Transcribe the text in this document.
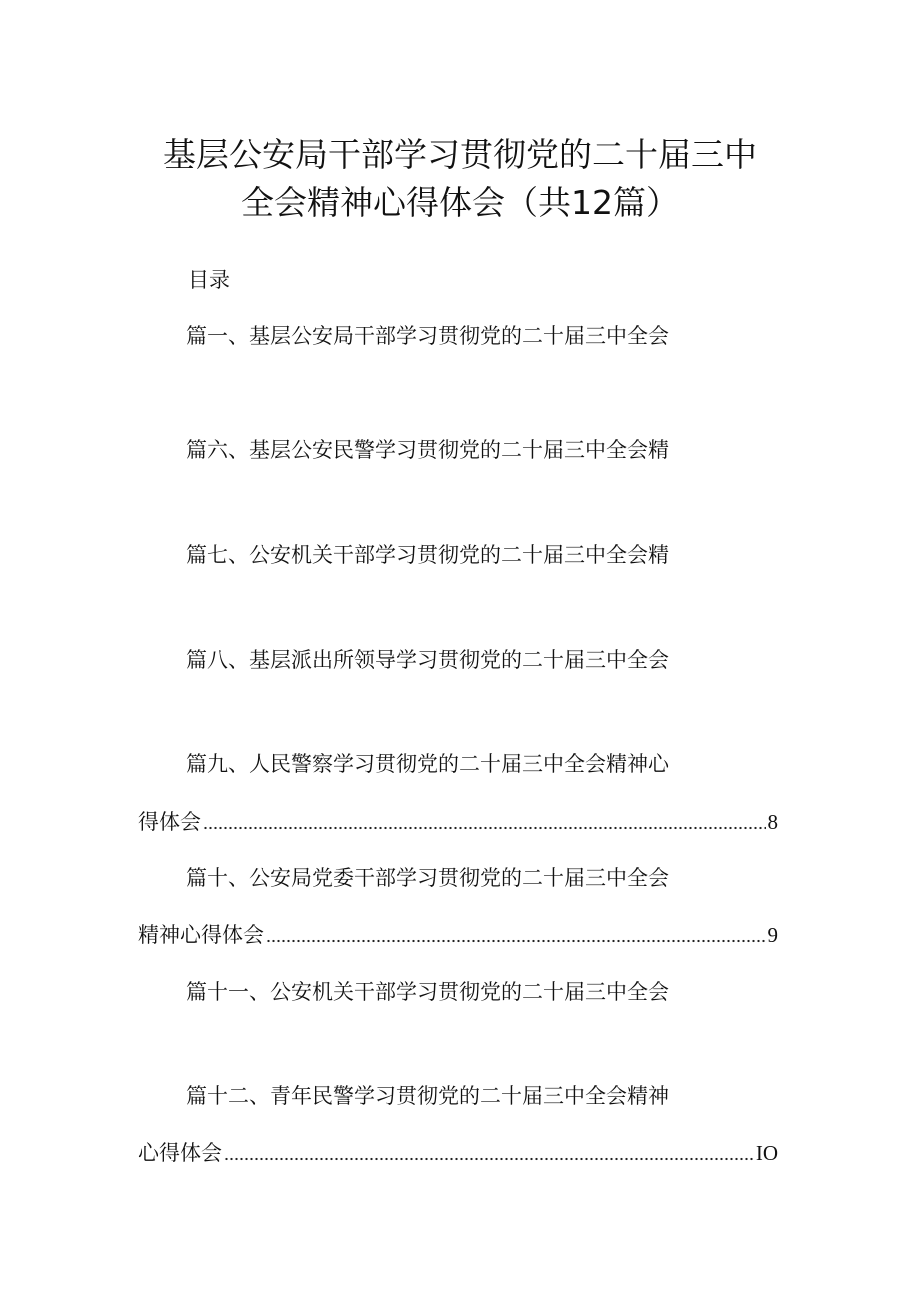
基层公安局干部学习贯彻党的二十届三中
全会精神心得体会（共12篇）
目录
篇一、基层公安局干部学习贯彻党的二十届三中全会
篇六、基层公安民警学习贯彻党的二十届三中全会精
篇七、公安机关干部学习贯彻党的二十届三中全会精
篇八、基层派出所领导学习贯彻党的二十届三中全会
篇九、人民警察学习贯彻党的二十届三中全会精神心
得体会	8
篇十、公安局党委干部学习贯彻党的二十届三中全会
精神心得体会	9
篇十一、公安机关干部学习贯彻党的二十届三中全会
篇十二、青年民警学习贯彻党的二十届三中全会精神
心得体会	IO
